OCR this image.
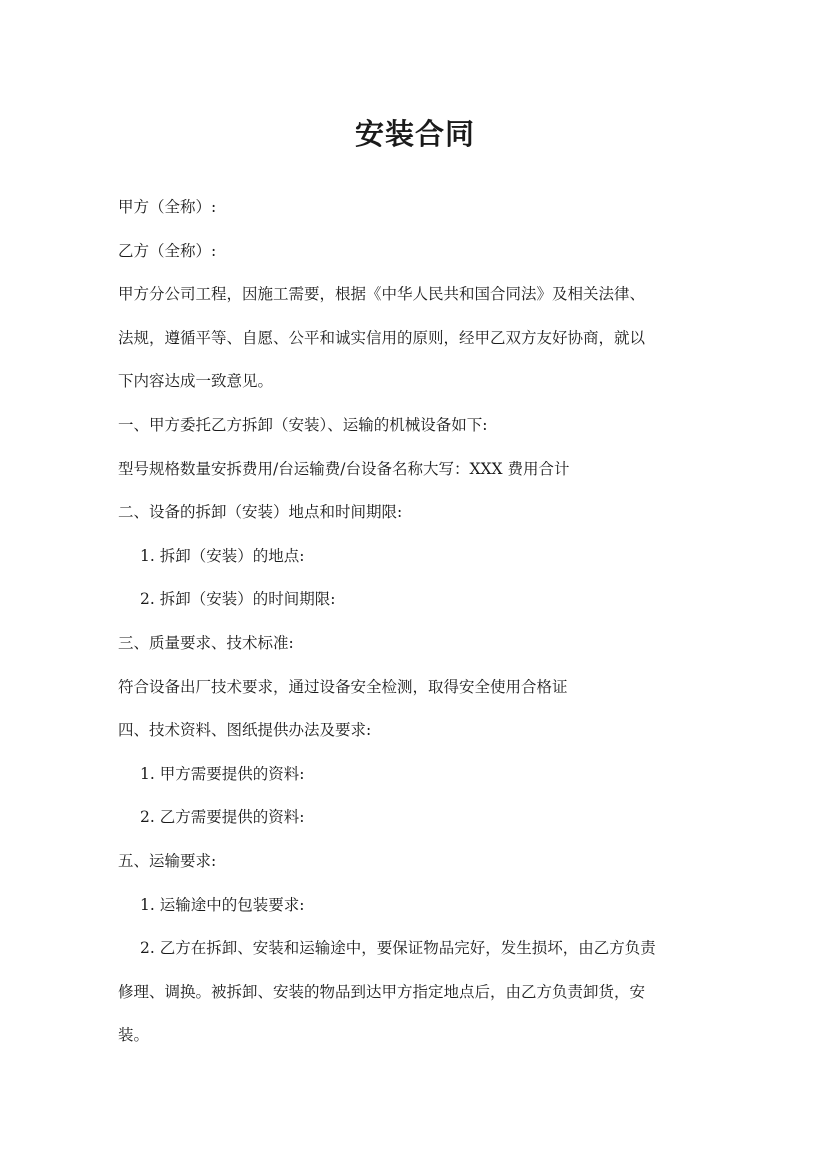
安装合同
甲方（全称）:
乙方（全称）:
甲方分公司工程，因施工需要，根据《中华人民共和国合同法》及相关法律、
法规，遵循平等、自愿、公平和诚实信用的原则，经甲乙双方友好协商，就以
下内容达成一致意见。
一、甲方委托乙方拆卸（安装）、运输的机械设备如下:
型号规格数量安拆费用/台运输费/台设备名称大写：XXX 费用合计
二、设备的拆卸（安装）地点和时间期限:
1. 拆卸（安装）的地点:
2. 拆卸（安装）的时间期限:
三、质量要求、技术标准:
符合设备出厂技术要求，通过设备安全检测，取得安全使用合格证
四、技术资料、图纸提供办法及要求:
1. 甲方需要提供的资料:
2. 乙方需要提供的资料:
五、运输要求:
1. 运输途中的包装要求:
2. 乙方在拆卸、安装和运输途中，要保证物品完好，发生损坏，由乙方负责
修理、调换。被拆卸、安装的物品到达甲方指定地点后，由乙方负责卸货，安
装。
